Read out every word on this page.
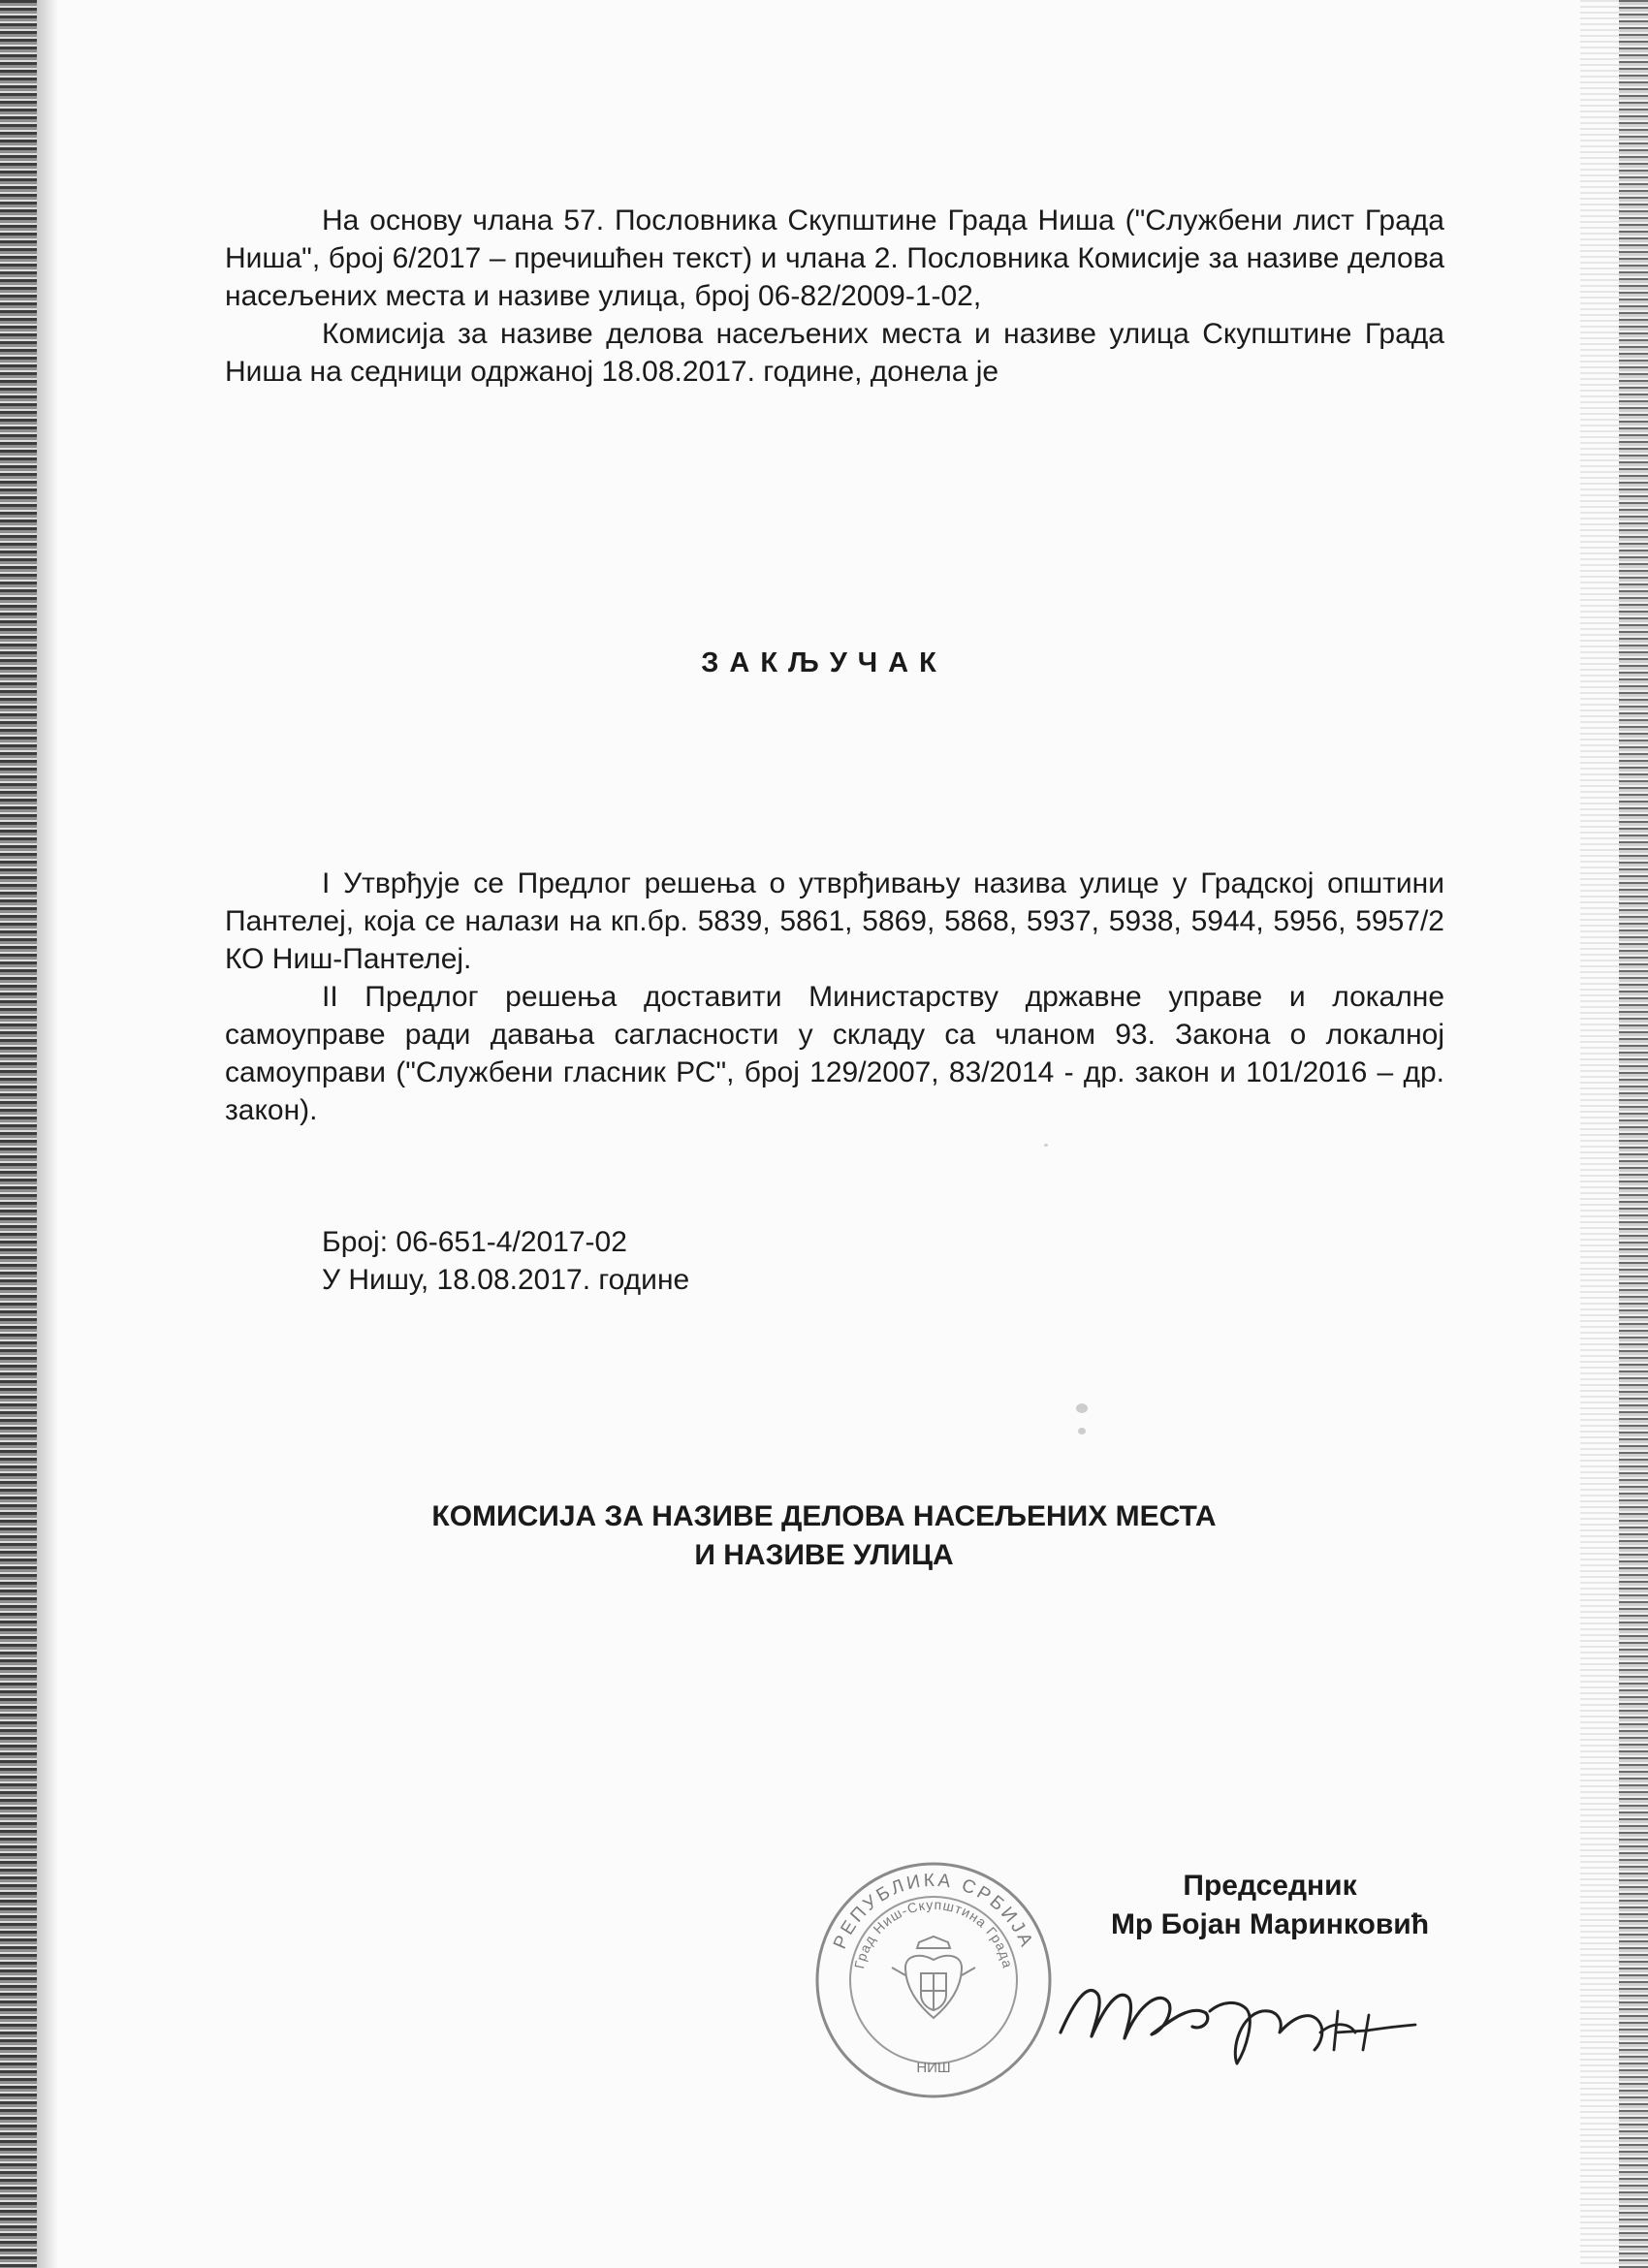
На основу члана 57. Пословника Скупштине Града Ниша ("Службени лист Града Ниша", број 6/2017 – пречишћен текст) и члана 2. Пословника Комисије за називе делова насељених места и називе улица, број 06-82/2009-1-02,

Комисија за називе делова насељених места и називе улица Скупштине Града Ниша на седници одржаној 18.08.2017. године, донела је

ЗАКЉУЧАК

I Утврђује се Предлог решења о утврђивању назива улице у Градској општини Пантелеј, која се налази на кп.бр. 5839, 5861, 5869, 5868, 5937, 5938, 5944, 5956, 5957/2 КО Ниш-Пантелеј.

II Предлог решења доставити Министарству државне управе и локалне самоуправе ради давања сагласности у складу са чланом 93. Закона о локалној самоуправи ("Службени гласник РС", број 129/2007, 83/2014 - др. закон и 101/2016 – др. закон).

Број: 06-651-4/2017-02
У Нишу, 18.08.2017. године
КОМИСИЈА ЗА НАЗИВЕ ДЕЛОВА НАСЕЉЕНИХ МЕСТА
И НАЗИВЕ УЛИЦА
РЕПУБЛИКА СРБИЈА
Град Ниш-Скупштина Града
НИШ
Председник
Мр Бојан Маринковић
